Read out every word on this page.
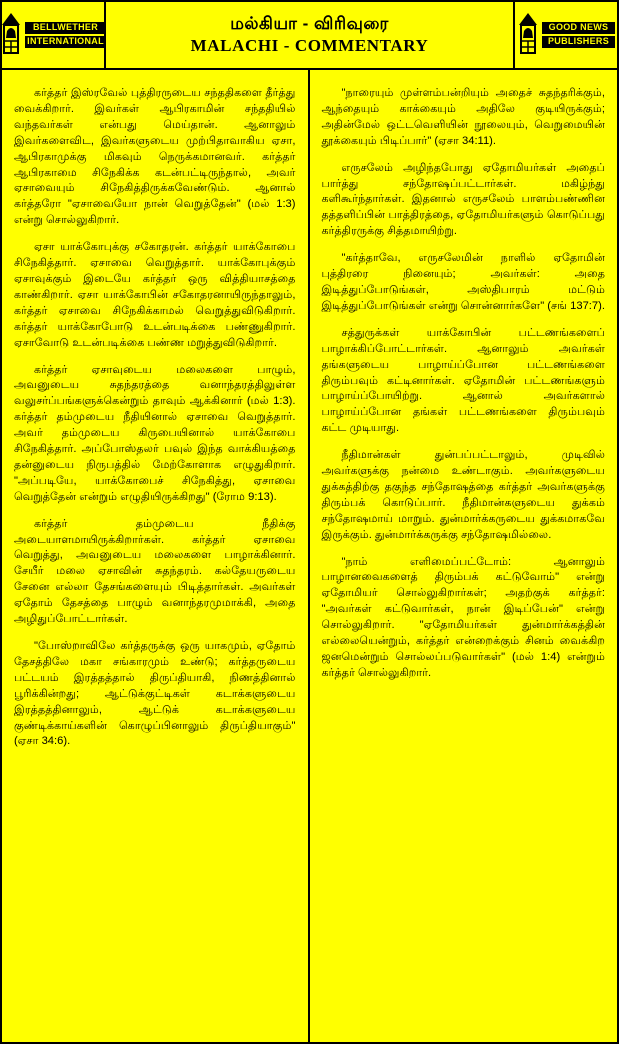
BELLWETHER
INTERNATIONAL
மல்கியா - விரிவுரை
MALACHI - COMMENTARY
GOOD NEWS
PUBLISHERS

கர்த்தர் இஸ்ரவேல் புத்திரருடைய சந்ததிகளை தீர்த்து வைக்கிறார். இவர்கள் ஆபிரகாமின் சந்ததியில் வந்தவர்கள் என்பது மெய்தான். ஆனாலும் இவர்களைவிட, இவர்களுடைய முற்பிதாவாகிய ஏசா, ஆபிரகாமுக்கு மிகவும் நெருக்கமானவர். கர்த்தர் ஆபிரகாமை சிநேகிக்க கடன்பட்டிருந்தால், அவர் ஏசாவையும் சிநேகித்திருக்கவேண்டும். ஆனால் கர்த்தரோ "ஏசாவையோ நான் வெறுத்தேன்" (மல் 1:3) என்று சொல்லுகிறார்.

ஏசா யாக்கோபுக்கு சகோதரன். கர்த்தர் யாக்கோபை சிநேகித்தார். ஏசாவை வெறுத்தார். யாக்கோபுக்கும் ஏசாவுக்கும் இடையே கர்த்தர் ஒரு வித்தியாசத்தை காண்கிறார். ஏசா யாக்கோபின் சகோதரனாயிருந்தாலும், கர்த்தர் ஏசாவை சிநேகிக்காமல் வெறுத்துவிடுகிறார். கர்த்தர் யாக்கோபோடு உடன்படிக்கை பண்ணுகிறார். ஏசாவோடு உடன்படிக்கை பண்ண மறுத்துவிடுகிறார்.

கர்த்தர் ஏசாவுடைய மலைகளை பாழும், அவனுடைய சுதந்தரத்தை வனாந்தரத்திலுள்ள வலுசர்ப்பங்களுக்கென்றும் தாவும் ஆக்கினார் (மல் 1:3). கர்த்தர் தம்முடைய நீதியினால் ஏசாவை வெறுத்தார். அவர் தம்முடைய கிருபையினால் யாக்கோபை சிநேகித்தார். அப்போஸ்தலர் பவுல் இந்த வாக்கியத்தை தன்னுடைய நிருபத்தில் மேற்கோளாக எழுதுகிறார். "அப்படியே, யாக்கோபைச் சிநேகித்து, ஏசாவை வெறுத்தேன் என்றும் எழுதியிருக்கிறது" (ரோம 9:13).

கர்த்தர் தம்முடைய நீதிக்கு அடையாளமாயிருக்கிறார்கள். கர்த்தர் ஏசாவை வெறுத்து, அவனுடைய மலைகளை பாழாக்கினார். சேயீர் மலை ஏசாவின் சுதந்தரம். கல்தேயருடைய சேனை எல்லா தேசங்களையும் பிடித்தார்கள். அவர்கள் ஏதோம் தேசத்தை பாழும் வனாந்தரமுமாக்கி, அதை அழிதுப்போட்டார்கள்.

"போஸ்றாவிலே கர்த்தருக்கு ஒரு யாகமும், ஏதோம் தேசத்திலே மகா சங்காரமும் உண்டு; கர்த்தருடைய பட்டயம் இரத்தத்தால் திருப்தியாகி, நிணத்தினால் பூரிக்கின்றது; ஆட்டுக்குட்டிகள் கடாக்களுடைய இரத்தத்தினாலும், ஆட்டுக் கடாக்களுடைய குண்டிக்காய்களின் கொழுப்பினாலும் திருப்தியாகும்" (ஏசா 34:6).

"நாரையும் முள்ளம்பன்றியும் அதைச் சுதந்தரிக்கும், ஆந்தையும் காக்கையும் அதிலே குடியிருக்கும்; அதின்மேல் ஒட்டவெளியின் நூலையும், வெறுமையின் தூக்கையும் பிடிப்பார்" (ஏசா 34:11).

எருசலேம் அழிந்தபோது ஏதோமியர்கள் அதைப் பார்த்து சந்தோஷப்பட்டார்கள். மகிழ்ந்து களிகூர்ந்தார்கள். இதனால் எருசலேம் பாளம்பண்ணின தத்தளிப்பின் பாத்திரத்தை, ஏதோமியர்களும் கொடுப்பது கர்த்திரருக்கு சித்தமாயிற்று.

"கர்த்தாவே, எருசலேமின் நாளில் ஏதோமின் புத்திரரை நினையும்; அவர்கள்: அதை இடித்துப்போடுங்கள், அஸ்திபாரம் மட்டும் இடித்துப்போடுங்கள் என்று சொன்னார்களே" (சங் 137:7).

சத்துருக்கள் யாக்கோபின் பட்டணங்களைப் பாழாக்கிப்போட்டார்கள். ஆனாலும் அவர்கள் தங்களுடைய பாழாய்ப்போன பட்டணங்களை திரும்பவும் கட்டினார்கள். ஏதோமின் பட்டணங்களும் பாழாய்ப்போயிற்று. ஆனால் அவர்களால் பாழாய்ப்போன தங்கள் பட்டணங்களை திரும்பவும் கட்ட முடியாது.

நீதிமான்கள் துன்பப்பட்டாலும், முடிவில் அவர்களுக்கு நன்மை உண்டாகும். அவர்களுடைய துக்கத்திற்கு தகுந்த சந்தோஷத்தை கர்த்தர் அவர்களுக்கு திரும்பக் கொடுப்பார். நீதிமான்களுடைய துக்கம் சந்தோஷமாய் மாறும். துன்மார்க்கருடைய துக்கமாகவே இருக்கும். துன்மார்க்கருக்கு சந்தோஷமில்லை.

"நாம் எளிமைப்பட்டோம்: ஆனாலும் பாழானவைகளைத் திரும்பக் கட்டுவோம்" என்று ஏதோமியர் சொல்லுகிறார்கள்; அதற்குக் கர்த்தர்: "அவர்கள் கட்டுவார்கள், நான் இடிப்பேன்" என்று சொல்லுகிறார். "ஏதோமியர்கள் துன்மார்க்கத்தின் எல்லையென்றும், கர்த்தர் என்றைக்கும் சினம் வைக்கிற ஜனமென்றும் சொல்லப்படுவார்கள்" (மல் 1:4) என்றும் கர்த்தர் சொல்லுகிறார்.
